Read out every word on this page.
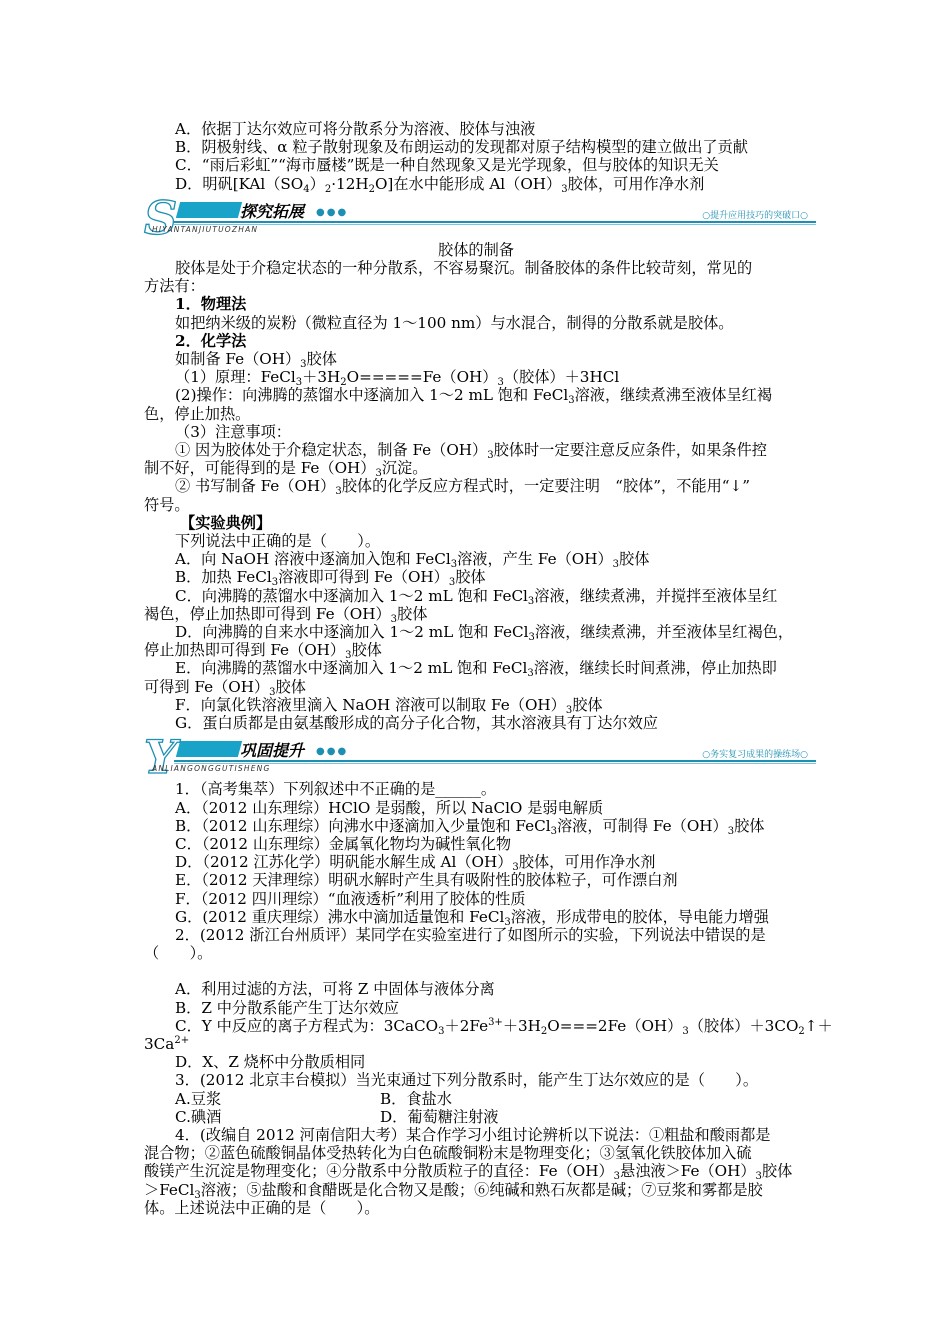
A．依据丁达尔效应可将分散系分为溶液、胶体与浊液
B．阴极射线、α 粒子散射现象及布朗运动的发现都对原子结构模型的建立做出了贡献
C．“雨后彩虹”“海市蜃楼”既是一种自然现象又是光学现象，但与胶体的知识无关
D．明矾$[KAl(SO_4)_2\cdot 12H_2O]$在水中能形成 $Al(OH)_3$胶体，可用作净水剂
S	探究拓展 ●●●
HIYANTANJIUTUOZHAN
○提升应用技巧的突破口○
胶体的制备
胶体是处于介稳定状态的一种分散系，不容易聚沉。制备胶体的条件比较苛刻，常见的
方法有：
1．物理法
如把纳米级的炭粉（微粒直径为 1～100 nm）与水混合，制得的分散系就是胶体。
2．化学法
如制备 $Fe(OH)_3$胶体
（1）原理：$FeCl_3+3H_2O=====Fe(OH)_3$（胶体）＋3HCl
(2)操作：向沸腾的蒸馏水中逐滴加入 1～2 mL 饱和 FeCl$_3$溶液，继续煮沸至液体呈红褐
色，停止加热。
（3）注意事项：
① 因为胶体处于介稳定状态，制备 $Fe(OH)_3$胶体时一定要注意反应条件，如果条件控
制不好，可能得到的是 $Fe(OH)_3$沉淀。
② 书写制备 $Fe(OH)_3$胶体的化学反应方程式时，一定要注明　“胶体”，不能用“↓”
符号。
【实验典例】
下列说法中正确的是（　　）。
A．向 NaOH 溶液中逐滴加入饱和 FeCl$_3$溶液，产生 $Fe(OH)_3$胶体
B．加热 FeCl$_3$溶液即可得到 $Fe(OH)_3$胶体
C．向沸腾的蒸馏水中逐滴加入 1～2 mL 饱和 FeCl$_3$溶液，继续煮沸，并搅拌至液体呈红
褐色，停止加热即可得到 $Fe(OH)_3$胶体
D．向沸腾的自来水中逐滴加入 1～2 mL 饱和 FeCl$_3$溶液，继续煮沸，并至液体呈红褐色，
停止加热即可得到 $Fe(OH)_3$胶体
E．向沸腾的蒸馏水中逐滴加入 1～2 mL 饱和 FeCl$_3$溶液，继续长时间煮沸，停止加热即
可得到 $Fe(OH)_3$胶体
F．向氯化铁溶液里滴入 NaOH 溶液可以制取 $Fe(OH)_3$胶体
G．蛋白质都是由氨基酸形成的高分子化合物，其水溶液具有丁达尔效应
Y	巩固提升 ●●●
ANLIANGONGGUTISHENG
○务实复习成果的操练场○
1．（高考集萃）下列叙述中不正确的是______。
A．（2012 山东理综）HClO 是弱酸，所以 NaClO 是弱电解质
B．（2012 山东理综）向沸水中逐滴加入少量饱和 FeCl$_3$溶液，可制得 $Fe(OH)_3$胶体
C．（2012 山东理综）金属氧化物均为碱性氧化物
D．（2012 江苏化学）明矾能水解生成 $Al(OH)_3$胶体，可用作净水剂
E．（2012 天津理综）明矾水解时产生具有吸附性的胶体粒子，可作漂白剂
F．（2012 四川理综）“血液透析”利用了胶体的性质
G．(2012 重庆理综）沸水中滴加适量饱和 FeCl$_3$溶液，形成带电的胶体，导电能力增强
2．(2012 浙江台州质评）某同学在实验室进行了如图所示的实验，下列说法中错误的是
（　　）。
A．利用过滤的方法，可将 Z 中固体与液体分离
B．Z 中分散系能产生丁达尔效应
C．Y 中反应的离子方程式为：$3CaCO_3+2Fe^{3+}+3H_2O===2Fe(OH)_3$（胶体）$+3CO_2↑+$
$3Ca^{2+}$
D．X、Z 烧杯中分散质相同
3．(2012 北京丰台模拟）当光束通过下列分散系时，能产生丁达尔效应的是（　　）。
A.豆浆	B．食盐水
C.碘酒	D．葡萄糖注射液
4．(改编自 2012 河南信阳大考）某合作学习小组讨论辨析以下说法：①粗盐和酸雨都是
混合物；②蓝色硫酸铜晶体受热转化为白色硫酸铜粉末是物理变化；③氢氧化铁胶体加入硫
酸镁产生沉淀是物理变化；④分散系中分散质粒子的直径：$Fe(OH)_3$悬浊液$>Fe(OH)_3$胶体
＞FeCl$_3$溶液；⑤盐酸和食醋既是化合物又是酸；⑥纯碱和熟石灰都是碱；⑦豆浆和雾都是胶
体。上述说法中正确的是（　　）。
